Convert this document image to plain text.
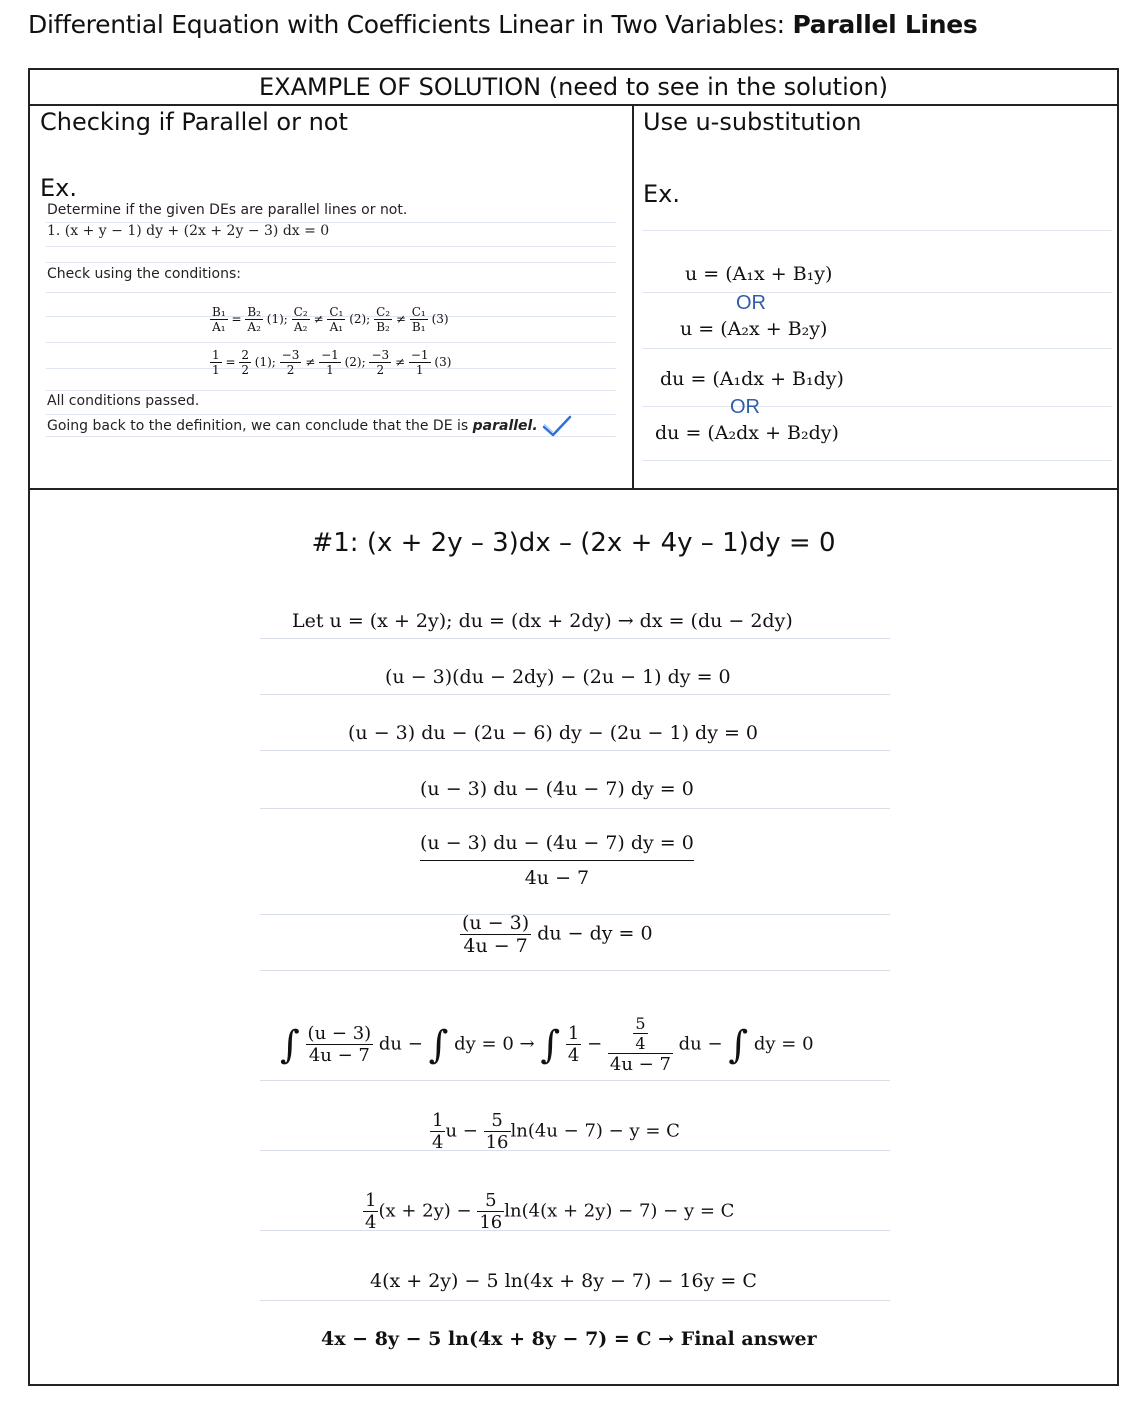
Differential Equation with Coefficients Linear in Two Variables: Parallel Lines
EXAMPLE OF SOLUTION (need to see in the solution)
Checking if Parallel or not
Ex.
Determine if the given DEs are parallel lines or not.
1. (x + y − 1) dy + (2x + 2y − 3) dx = 0
Check using the conditions:
$\frac{\text{B₁}}{\text{A₁}} = \frac{\text{B₂}}{\text{A₂}} (1)$; $\frac{\text{C₂}}{\text{A₂}} \ne \frac{\text{C₁}}{\text{A₁}} (2)$; $\frac{\text{C₂}}{\text{B₂}} \ne \frac{\text{C₁}}{\text{B₁}} (3)$
$\frac{1}{1} = \frac{2}{2} (1)$; $\frac{-3}{2} \ne \frac{-1}{1} (2)$; $\frac{-3}{2} \ne \frac{-1}{1} (3)$
All conditions passed.
Going back to the definition, we can conclude that the DE is parallel.
Use u-substitution
Ex.
u = (A₁x + B₁y)
OR
u = (A₂x + B₂y)
du = (A₁dx + B₁dy)
OR
du = (A₂dx + B₂dy)
#1: (x + 2y – 3)dx – (2x + 4y – 1)dy = 0
Let u = (x + 2y); du = (dx + 2dy) → dx = (du − 2dy)
(u − 3)(du − 2dy) − (2u − 1) dy = 0
(u − 3) du − (2u − 6) dy − (2u − 1) dy = 0
(u − 3) du − (4u − 7) dy = 0
$\frac{(u - 3) du - (4u - 7) dy = 0}{4u - 7}$
$\frac{(u - 3)}{4u - 7}$ du − dy = 0
∫ $\frac{(u - 3)}{4u - 7}$ du − ∫ dy = 0 → ∫ $\frac{1}{4} - \frac{\frac{5}{4}}{4u - 7}$ du − ∫ dy = 0
$\frac{1}{4}$ $u - \frac{5}{16} \ln(4u - 7) - y = C$
$\frac{1}{4} (x + 2y) - \frac{5}{16} \ln(4(x + 2y) - 7) - y = C$
4(x + 2y) − 5 ln(4x + 8y − 7) − 16y = C
4x − 8y − 5 ln(4x + 8y − 7) = C → Final answer
